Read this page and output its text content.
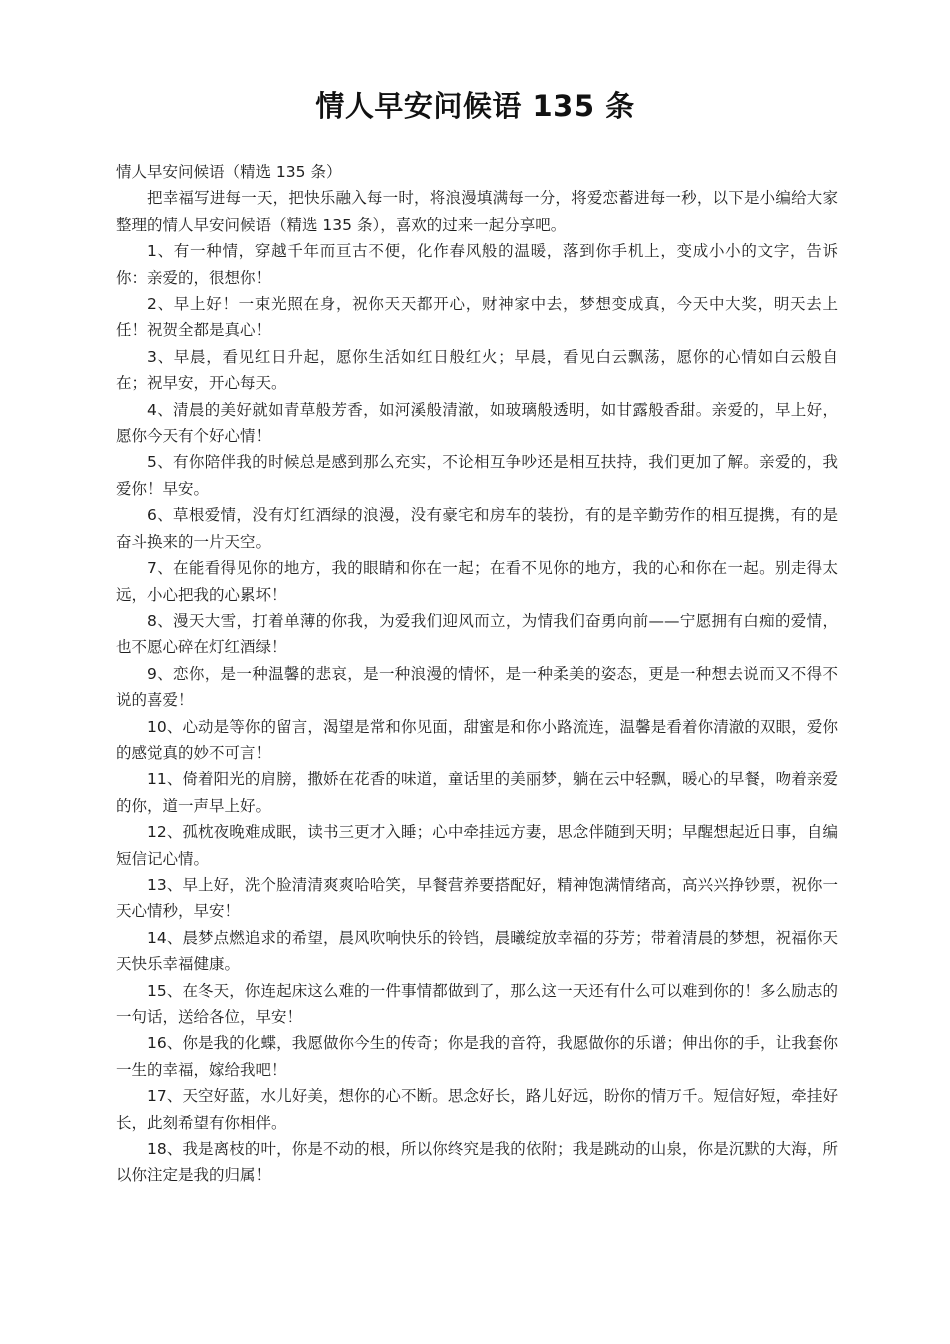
情人早安问候语 135 条

情人早安问候语（精选 135 条）

把幸福写进每一天，把快乐融入每一时，将浪漫填满每一分，将爱恋蓄进每一秒，以下是小编给大家整理的情人早安问候语（精选 135 条），喜欢的过来一起分享吧。

1、有一种情，穿越千年而亘古不便，化作春风般的温暖，落到你手机上，变成小小的文字，告诉你：亲爱的，很想你！

2、早上好！一束光照在身，祝你天天都开心，财神家中去，梦想变成真，今天中大奖，明天去上任！祝贺全都是真心！

3、早晨，看见红日升起，愿你生活如红日般红火；早晨，看见白云飘荡，愿你的心情如白云般自在；祝早安，开心每天。

4、清晨的美好就如青草般芳香，如河溪般清澈，如玻璃般透明，如甘露般香甜。亲爱的，早上好，愿你今天有个好心情！

5、有你陪伴我的时候总是感到那么充实，不论相互争吵还是相互扶持，我们更加了解。亲爱的，我爱你！早安。

6、草根爱情，没有灯红酒绿的浪漫，没有豪宅和房车的装扮，有的是辛勤劳作的相互提携，有的是奋斗换来的一片天空。

7、在能看得见你的地方，我的眼睛和你在一起；在看不见你的地方，我的心和你在一起。别走得太远，小心把我的心累坏！

8、漫天大雪，打着单薄的你我，为爱我们迎风而立，为情我们奋勇向前——宁愿拥有白痴的爱情，也不愿心碎在灯红酒绿！

9、恋你，是一种温馨的悲哀，是一种浪漫的情怀，是一种柔美的姿态，更是一种想去说而又不得不说的喜爱！

10、心动是等你的留言，渴望是常和你见面，甜蜜是和你小路流连，温馨是看着你清澈的双眼，爱你的感觉真的妙不可言！

11、倚着阳光的肩膀，撒娇在花香的味道，童话里的美丽梦，躺在云中轻飘，暖心的早餐，吻着亲爱的你，道一声早上好。

12、孤枕夜晚难成眠，读书三更才入睡；心中牵挂远方妻，思念伴随到天明；早醒想起近日事，自编短信记心情。

13、早上好，洗个脸清清爽爽哈哈笑，早餐营养要搭配好，精神饱满情绪高，高兴兴挣钞票，祝你一天心情秒，早安！

14、晨梦点燃追求的希望，晨风吹响快乐的铃铛，晨曦绽放幸福的芬芳；带着清晨的梦想，祝福你天天快乐幸福健康。

15、在冬天，你连起床这么难的一件事情都做到了，那么这一天还有什么可以难到你的！多么励志的一句话，送给各位，早安！

16、你是我的化蝶，我愿做你今生的传奇；你是我的音符，我愿做你的乐谱；伸出你的手，让我套你一生的幸福，嫁给我吧！

17、天空好蓝，水儿好美，想你的心不断。思念好长，路儿好远，盼你的情万千。短信好短，牵挂好长，此刻希望有你相伴。

18、我是离枝的叶，你是不动的根，所以你终究是我的依附；我是跳动的山泉，你是沉默的大海，所以你注定是我的归属！
